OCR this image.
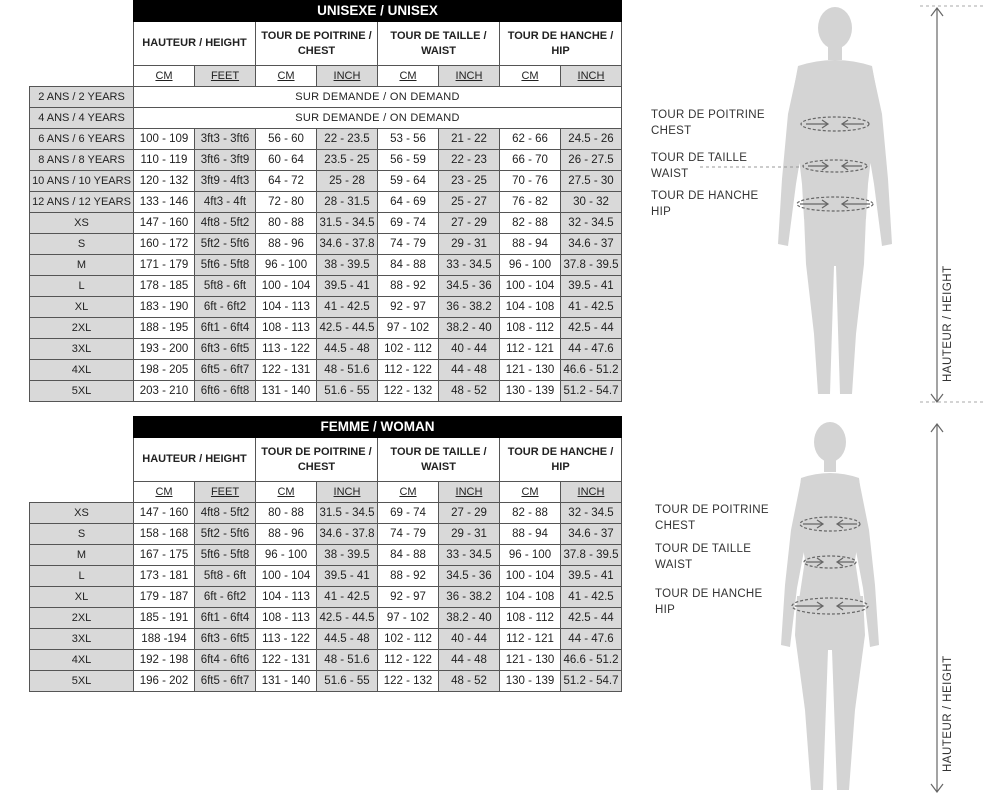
	UNISEXE / UNISEX							
	HAUTEUR / HEIGHT		TOUR DE POITRINE / CHEST		TOUR DE TAILLE / WAIST		TOUR DE HANCHE / HIP	
	CM	FEET	CM	INCH	CM	INCH	CM	INCH
2 ANS / 2 YEARS	SUR DEMANDE / ON DEMAND							
4 ANS / 4 YEARS	SUR DEMANDE / ON DEMAND							
6 ANS / 6 YEARS	100 - 109	3ft3 - 3ft6	56 - 60	22 - 23.5	53 - 56	21 - 22	62 - 66	24.5 - 26
8 ANS / 8 YEARS	110 - 119	3ft6 - 3ft9	60 - 64	23.5 - 25	56 - 59	22 - 23	66 - 70	26 - 27.5
10 ANS / 10 YEARS	120 - 132	3ft9 - 4ft3	64 - 72	25 - 28	59 - 64	23 - 25	70 - 76	27.5 - 30
12 ANS / 12 YEARS	133 - 146	4ft3 - 4ft	72 - 80	28 - 31.5	64 - 69	25 - 27	76 - 82	30 - 32
XS	147 - 160	4ft8 - 5ft2	80 - 88	31.5 - 34.5	69 - 74	27 - 29	82 - 88	32 - 34.5
S	160 - 172	5ft2 - 5ft6	88 - 96	34.6 - 37.8	74 - 79	29 - 31	88 - 94	34.6 - 37
M	171 - 179	5ft6 - 5ft8	96 - 100	38 - 39.5	84 - 88	33 - 34.5	96 - 100	37.8 - 39.5
L	178 - 185	5ft8 - 6ft	100 - 104	39.5 - 41	88 - 92	34.5 - 36	100 - 104	39.5 - 41
XL	183 - 190	6ft - 6ft2	104 - 113	41 - 42.5	92 - 97	36 - 38.2	104 - 108	41 - 42.5
2XL	188 - 195	6ft1 - 6ft4	108 - 113	42.5 - 44.5	97 - 102	38.2 - 40	108 - 112	42.5 - 44
3XL	193 - 200	6ft3 - 6ft5	113 - 122	44.5 - 48	102 - 112	40 - 44	112 - 121	44 - 47.6
4XL	198 - 205	6ft5 - 6ft7	122 - 131	48 - 51.6	112 - 122	44 - 48	121 - 130	46.6 - 51.2
5XL	203 - 210	6ft6 - 6ft8	131 - 140	51.6 - 55	122 - 132	48 - 52	130 - 139	51.2 - 54.7
	FEMME / WOMAN							
	HAUTEUR / HEIGHT		TOUR DE POITRINE / CHEST		TOUR DE TAILLE / WAIST		TOUR DE HANCHE / HIP	
	CM	FEET	CM	INCH	CM	INCH	CM	INCH
XS	147 - 160	4ft8 - 5ft2	80 - 88	31.5 - 34.5	69 - 74	27 - 29	82 - 88	32 - 34.5
S	158 - 168	5ft2 - 5ft6	88 - 96	34.6 - 37.8	74 - 79	29 - 31	88 - 94	34.6 - 37
M	167 - 175	5ft6 - 5ft8	96 - 100	38 - 39.5	84 - 88	33 - 34.5	96 - 100	37.8 - 39.5
L	173 - 181	5ft8 - 6ft	100 - 104	39.5 - 41	88 - 92	34.5 - 36	100 - 104	39.5 - 41
XL	179 - 187	6ft - 6ft2	104 - 113	41 - 42.5	92 - 97	36 - 38.2	104 - 108	41 - 42.5
2XL	185 - 191	6ft1 - 6ft4	108 - 113	42.5 - 44.5	97 - 102	38.2 - 40	108 - 112	42.5 - 44
3XL	188 -194	6ft3 - 6ft5	113 - 122	44.5 - 48	102 - 112	40 - 44	112 - 121	44 - 47.6
4XL	192 - 198	6ft4 - 6ft6	122 - 131	48 - 51.6	112 - 122	44 - 48	121 - 130	46.6 - 51.2
5XL	196 - 202	6ft5 - 6ft7	131 - 140	51.6 - 55	122 - 132	48 - 52	130 - 139	51.2 - 54.7
TOUR DE POITRINE
CHEST
TOUR DE TAILLE
WAIST
TOUR DE HANCHE
HIP
HAUTEUR / HEIGHT
TOUR DE POITRINE
CHEST
TOUR DE TAILLE
WAIST
TOUR DE HANCHE
HIP
HAUTEUR / HEIGHT
